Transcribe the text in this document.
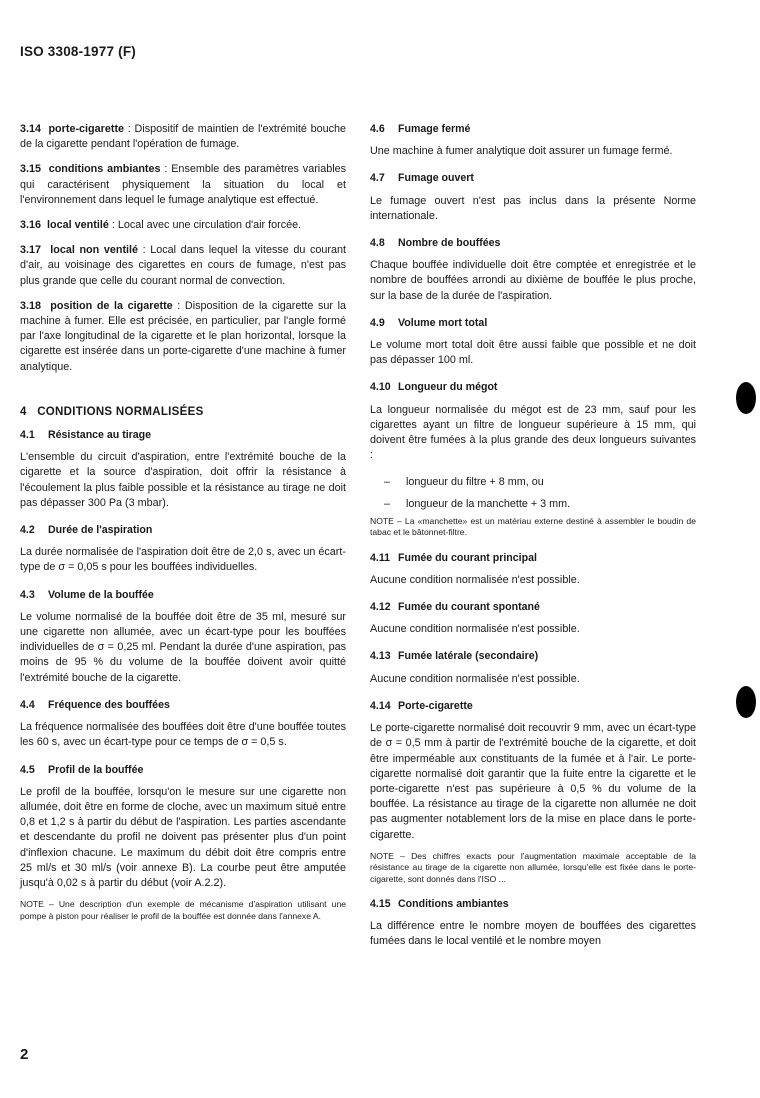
ISO 3308-1977 (F)

3.14 porte-cigarette : Dispositif de maintien de l'extrémité bouche de la cigarette pendant l'opération de fumage.

3.15 conditions ambiantes : Ensemble des paramètres variables qui caractérisent physiquement la situation du local et l'environnement dans lequel le fumage analytique est effectué.

3.16 local ventilé : Local avec une circulation d'air forcée.

3.17 local non ventilé : Local dans lequel la vitesse du courant d'air, au voisinage des cigarettes en cours de fumage, n'est pas plus grande que celle du courant normal de convection.

3.18 position de la cigarette : Disposition de la cigarette sur la machine à fumer. Elle est précisée, en particulier, par l'angle formé par l'axe longitudinal de la cigarette et le plan horizontal, lorsque la cigarette est insérée dans un porte-cigarette d'une machine à fumer analytique.

4 CONDITIONS NORMALISÉES
4.1 Résistance au tirage

L'ensemble du circuit d'aspiration, entre l'extrémité bouche de la cigarette et la source d'aspiration, doit offrir la résistance à l'écoulement la plus faible possible et la résistance au tirage ne doit pas dépasser 300 Pa (3 mbar).

4.2 Durée de l'aspiration

La durée normalisée de l'aspiration doit être de 2,0 s, avec un écart-type de σ = 0,05 s pour les bouffées individuelles.

4.3 Volume de la bouffée

Le volume normalisé de la bouffée doit être de 35 ml, mesuré sur une cigarette non allumée, avec un écart-type pour les bouffées individuelles de σ = 0,25 ml. Pendant la durée d'une aspiration, pas moins de 95 % du volume de la bouffée doivent avoir quitté l'extrémité bouche de la cigarette.

4.4 Fréquence des bouffées

La fréquence normalisée des bouffées doit être d'une bouffée toutes les 60 s, avec un écart-type pour ce temps de σ = 0,5 s.

4.5 Profil de la bouffée

Le profil de la bouffée, lorsqu'on le mesure sur une cigarette non allumée, doit être en forme de cloche, avec un maximum situé entre 0,8 et 1,2 s à partir du début de l'aspiration. Les parties ascendante et descendante du profil ne doivent pas présenter plus d'un point d'inflexion chacune. Le maximum du débit doit être compris entre 25 ml/s et 30 ml/s (voir annexe B). La courbe peut être amputée jusqu'à 0,02 s à partir du début (voir A.2.2).

NOTE – Une description d'un exemple de mécanisme d'aspiration utilisant une pompe à piston pour réaliser le profil de la bouffée est donnée dans l'annexe A.

4.6 Fumage fermé

Une machine à fumer analytique doit assurer un fumage fermé.

4.7 Fumage ouvert

Le fumage ouvert n'est pas inclus dans la présente Norme internationale.

4.8 Nombre de bouffées

Chaque bouffée individuelle doit être comptée et enregistrée et le nombre de bouffées arrondi au dixième de bouffée le plus proche, sur la base de la durée de l'aspiration.

4.9 Volume mort total

Le volume mort total doit être aussi faible que possible et ne doit pas dépasser 100 ml.

4.10 Longueur du mégot

La longueur normalisée du mégot est de 23 mm, sauf pour les cigarettes ayant un filtre de longueur supérieure à 15 mm, qui doivent être fumées à la plus grande des deux longueurs suivantes :

– longueur du filtre + 8 mm, ou
– longueur de la manchette + 3 mm.

NOTE – La «manchette» est un matériau externe destiné à assembler le boudin de tabac et le bâtonnet-filtre.

4.11 Fumée du courant principal

Aucune condition normalisée n'est possible.

4.12 Fumée du courant spontané

Aucune condition normalisée n'est possible.

4.13 Fumée latérale (secondaire)

Aucune condition normalisée n'est possible.

4.14 Porte-cigarette

Le porte-cigarette normalisé doit recouvrir 9 mm, avec un écart-type de σ = 0,5 mm à partir de l'extrémité bouche de la cigarette, et doit être imperméable aux constituants de la fumée et à l'air. Le porte-cigarette normalisé doit garantir que la fuite entre la cigarette et le porte-cigarette n'est pas supérieure à 0,5 % du volume de la bouffée. La résistance au tirage de la cigarette non allumée ne doit pas augmenter notablement lors de la mise en place dans le porte-cigarette.

NOTE – Des chiffres exacts pour l'augmentation maximale acceptable de la résistance au tirage de la cigarette non allumée, lorsqu'elle est fixée dans le porte-cigarette, sont donnés dans l'ISO ...

4.15 Conditions ambiantes

La différence entre le nombre moyen de bouffées des cigarettes fumées dans le local ventilé et le nombre moyen

2
